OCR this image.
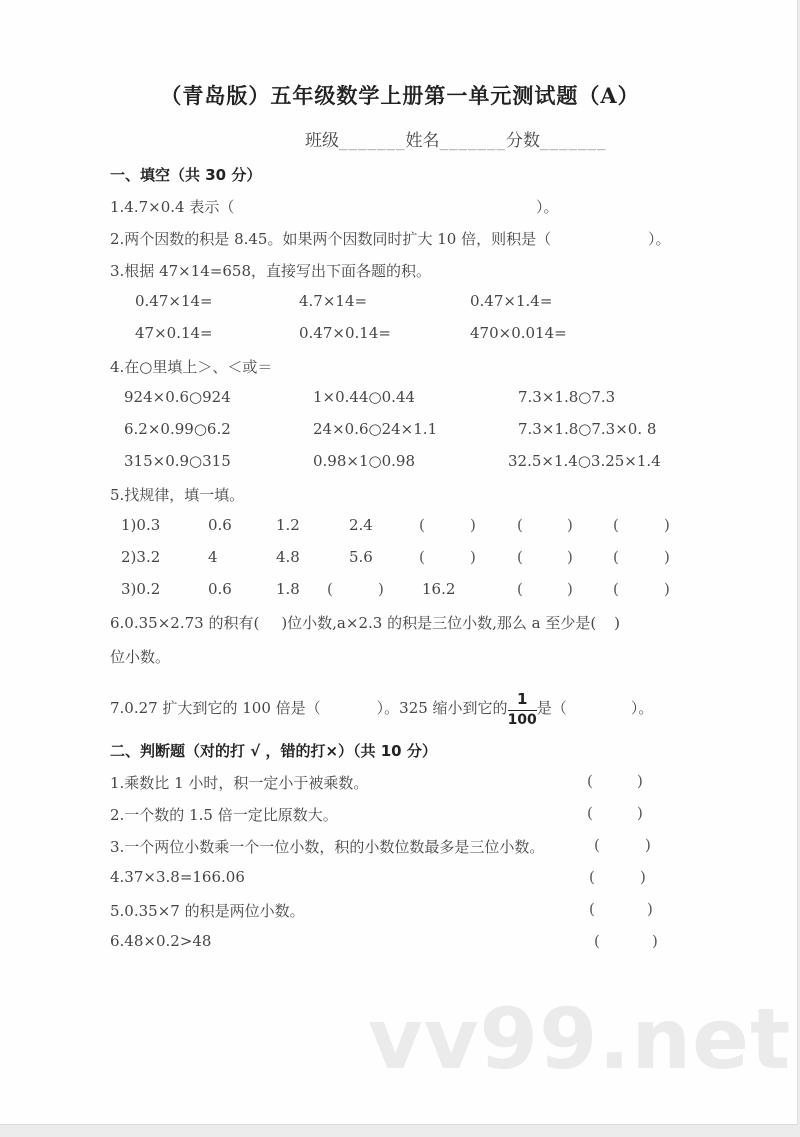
（青岛版）五年级数学上册第一单元测试题（A）
班级_______姓名_______分数_______
一、填空（共 30 分）
1.4.7×0.4 表示（	）。
2.两个因数的积是 8.45。如果两个因数同时扩大 10 倍，则积是（	）。
3.根据 47×14=658，直接写出下面各题的积。
0.47×14=	4.7×14=	0.47×1.4=
47×0.14=	0.47×0.14=	470×0.014=
4.在○里填上＞、＜或＝
924×0.6○924	1×0.44○0.44	7.3×1.8○7.3
6.2×0.99○6.2	24×0.6○24×1.1	7.3×1.8○7.3×0. 8
315×0.9○315	0.98×1○0.98	32.5×1.4○3.25×1.4
5.找规律，填一填。
1)0.3	0.6	1.2	2.4	(	)	(	)	(	)
2)3.2	4	4.8	5.6	(	)	(	)	(	)
3)0.2	0.6	1.8 (	)	16.2	(	)	(	)
6.0.35×2.73 的积有( )位小数,a×2.3 的积是三位小数,那么 a 至少是( )
位小数。
7.0.27 扩大到它的 100 倍是（	）。325 缩小到它的 $\frac{1}{100}$ 是（	）。
二、判断题（对的打 √ ，错的打×）（共 10 分）
1.乘数比 1 小时，积一定小于被乘数。	(	)
2.一个数的 1.5 倍一定比原数大。	(	)
3.一个两位小数乘一个一位小数，积的小数位数最多是三位小数。	(	)
4.37×3.8=166.06	(	)
5.0.35×7 的积是两位小数。	(	)
6.48×0.2>48	(	)
vv99.net
